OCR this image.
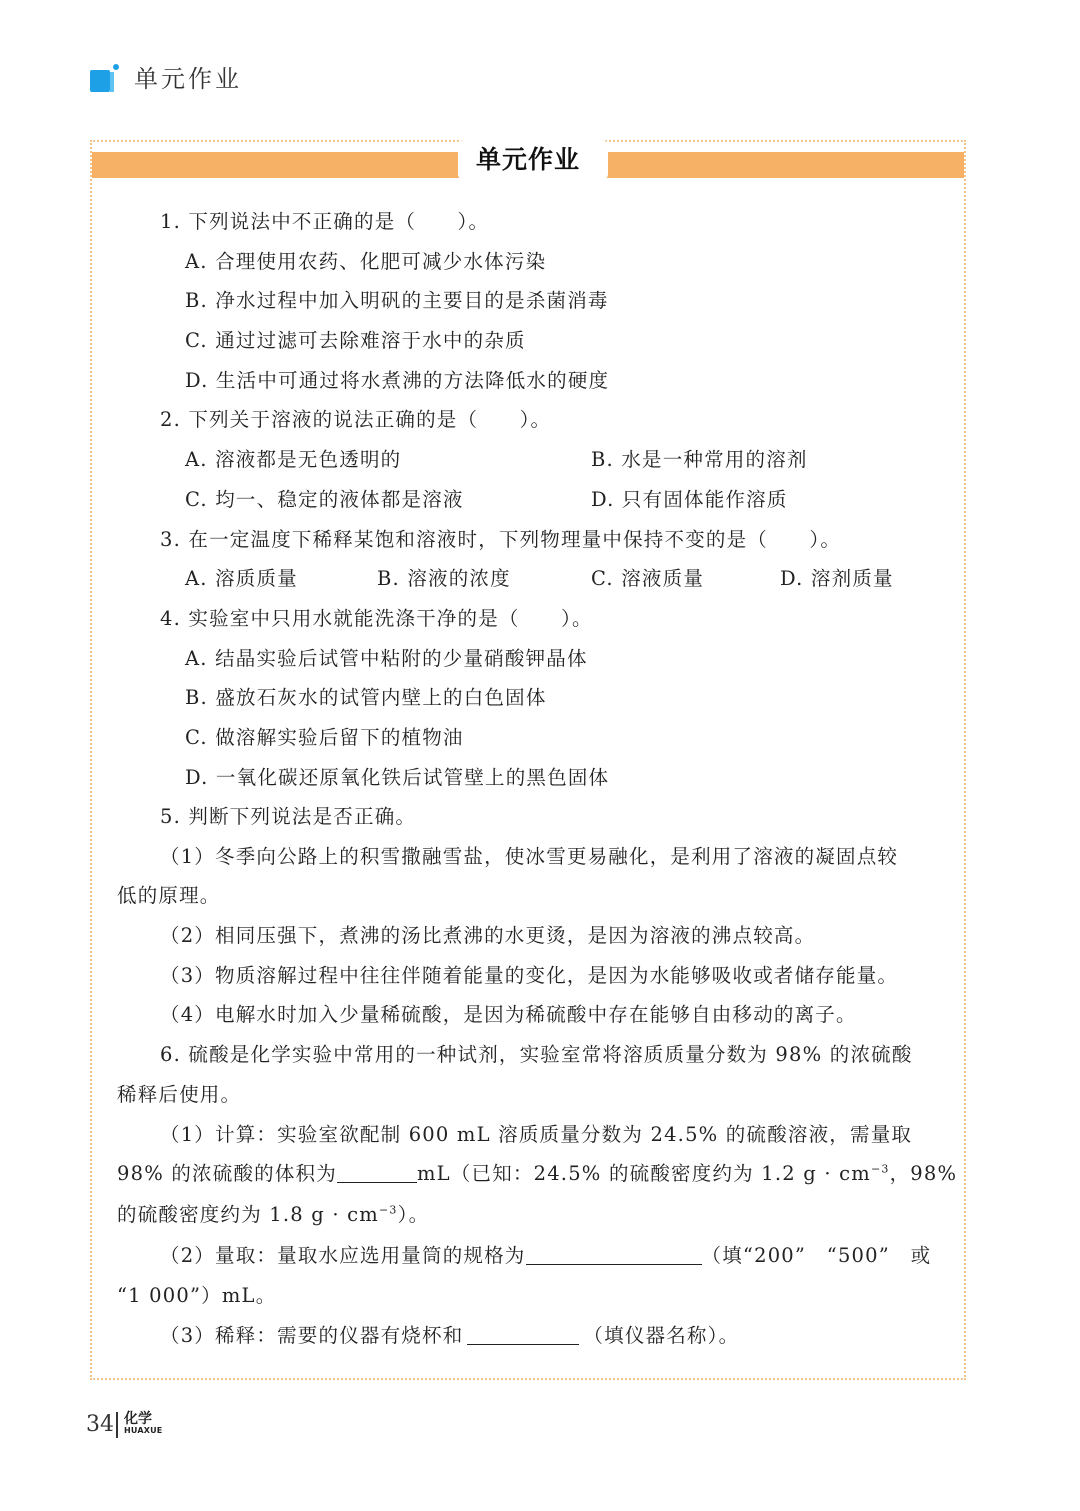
单元作业
单元作业
1. 下列说法中不正确的是（　　）。
A. 合理使用农药、化肥可减少水体污染
B. 净水过程中加入明矾的主要目的是杀菌消毒
C. 通过过滤可去除难溶于水中的杂质
D. 生活中可通过将水煮沸的方法降低水的硬度
2. 下列关于溶液的说法正确的是（　　）。
A. 溶液都是无色透明的	B. 水是一种常用的溶剂
C. 均一、稳定的液体都是溶液	D. 只有固体能作溶质
3. 在一定温度下稀释某饱和溶液时，下列物理量中保持不变的是（　　）。
A. 溶质质量	B. 溶液的浓度	C. 溶液质量	D. 溶剂质量
4. 实验室中只用水就能洗涤干净的是（　　）。
A. 结晶实验后试管中粘附的少量硝酸钾晶体
B. 盛放石灰水的试管内壁上的白色固体
C. 做溶解实验后留下的植物油
D. 一氧化碳还原氧化铁后试管壁上的黑色固体
5. 判断下列说法是否正确。
（1）冬季向公路上的积雪撒融雪盐，使冰雪更易融化，是利用了溶液的凝固点较
低的原理。
（2）相同压强下，煮沸的汤比煮沸的水更烫，是因为溶液的沸点较高。
（3）物质溶解过程中往往伴随着能量的变化，是因为水能够吸收或者储存能量。
（4）电解水时加入少量稀硫酸，是因为稀硫酸中存在能够自由移动的离子。
6. 硫酸是化学实验中常用的一种试剂，实验室常将溶质质量分数为 98% 的浓硫酸
稀释后使用。
（1）计算：实验室欲配制 600 mL 溶质质量分数为 24.5% 的硫酸溶液，需量取
98% 的浓硫酸的体积为	mL（已知：24.5% 的硫酸密度约为 1.2 $g \cdot cm^{-3}$，98%
的硫酸密度约为 1.8 $g \cdot cm^{-3}$）。
（2）量取：量取水应选用量筒的规格为	（填“200”　“500”　或
“1 000”）mL。
（3）稀释：需要的仪器有烧杯和	（填仪器名称）。
34 化学
HUAXUE
